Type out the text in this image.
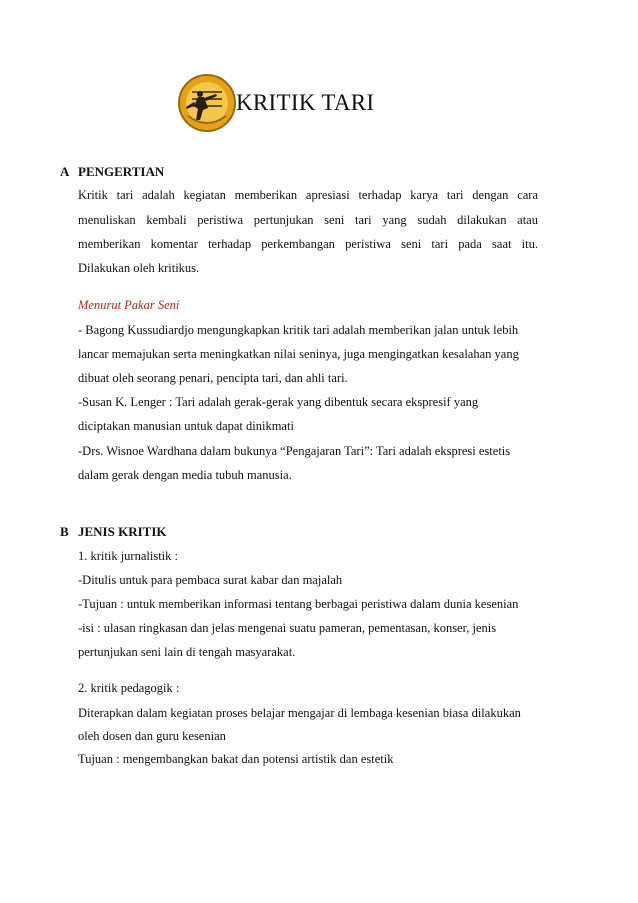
KRITIK TARI
A PENGERTIAN
Kritik tari adalah kegiatan memberikan apresiasi terhadap karya tari dengan cara
menuliskan kembali peristiwa pertunjukan seni tari yang sudah dilakukan atau
memberikan komentar terhadap perkembangan peristiwa seni tari pada saat itu.
Dilakukan oleh kritikus.
Menurut Pakar Seni
- Bagong Kussudiardjo mengungkapkan kritik tari adalah memberikan jalan untuk lebih
lancar memajukan serta meningkatkan nilai seninya, juga mengingatkan kesalahan yang
dibuat oleh seorang penari, pencipta tari, dan ahli tari.
-Susan K. Lenger : Tari adalah gerak-gerak yang dibentuk secara ekspresif yang
diciptakan manusian untuk dapat dinikmati
-Drs. Wisnoe Wardhana dalam bukunya “Pengajaran Tari”: Tari adalah ekspresi estetis
dalam gerak dengan media tubuh manusia.
B JENIS KRITIK
1. kritik jurnalistik :
-Ditulis untuk para pembaca surat kabar dan majalah
-Tujuan : untuk memberikan informasi tentang berbagai peristiwa dalam dunia kesenian
-isi : ulasan ringkasan dan jelas mengenai suatu pameran, pementasan, konser, jenis
pertunjukan seni lain di tengah masyarakat.
2. kritik pedagogik :
Diterapkan dalam kegiatan proses belajar mengajar di lembaga kesenian biasa dilakukan
oleh dosen dan guru kesenian
Tujuan : mengembangkan bakat dan potensi artistik dan estetik
